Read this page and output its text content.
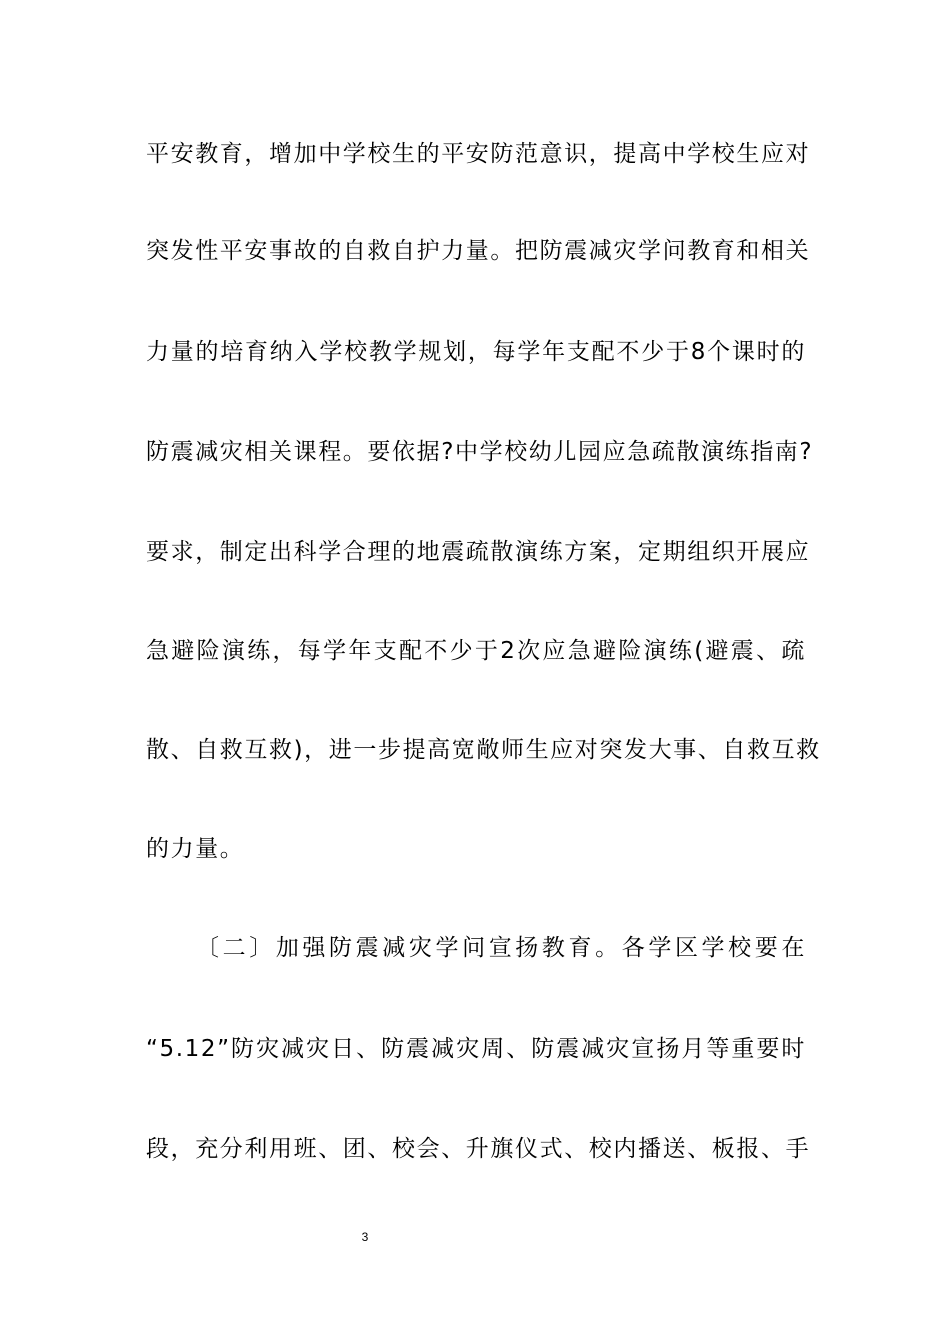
平安教育，增加中学校生的平安防范意识，提高中学校生应对
突发性平安事故的自救自护力量。把防震减灾学问教育和相关
力量的培育纳入学校教学规划，每学年支配不少于8个课时的
防震减灾相关课程。要依据?中学校幼儿园应急疏散演练指南?
要求，制定出科学合理的地震疏散演练方案，定期组织开展应
急避险演练，每学年支配不少于2次应急避险演练(避震、疏
散、自救互救)，进一步提高宽敞师生应对突发大事、自救互救
的力量。
〔二〕加强防震减灾学问宣扬教育。各学区学校要在
“5.12”防灾减灾日、防震减灾周、防震减灾宣扬月等重要时
段，充分利用班、团、校会、升旗仪式、校内播送、板报、手
3
